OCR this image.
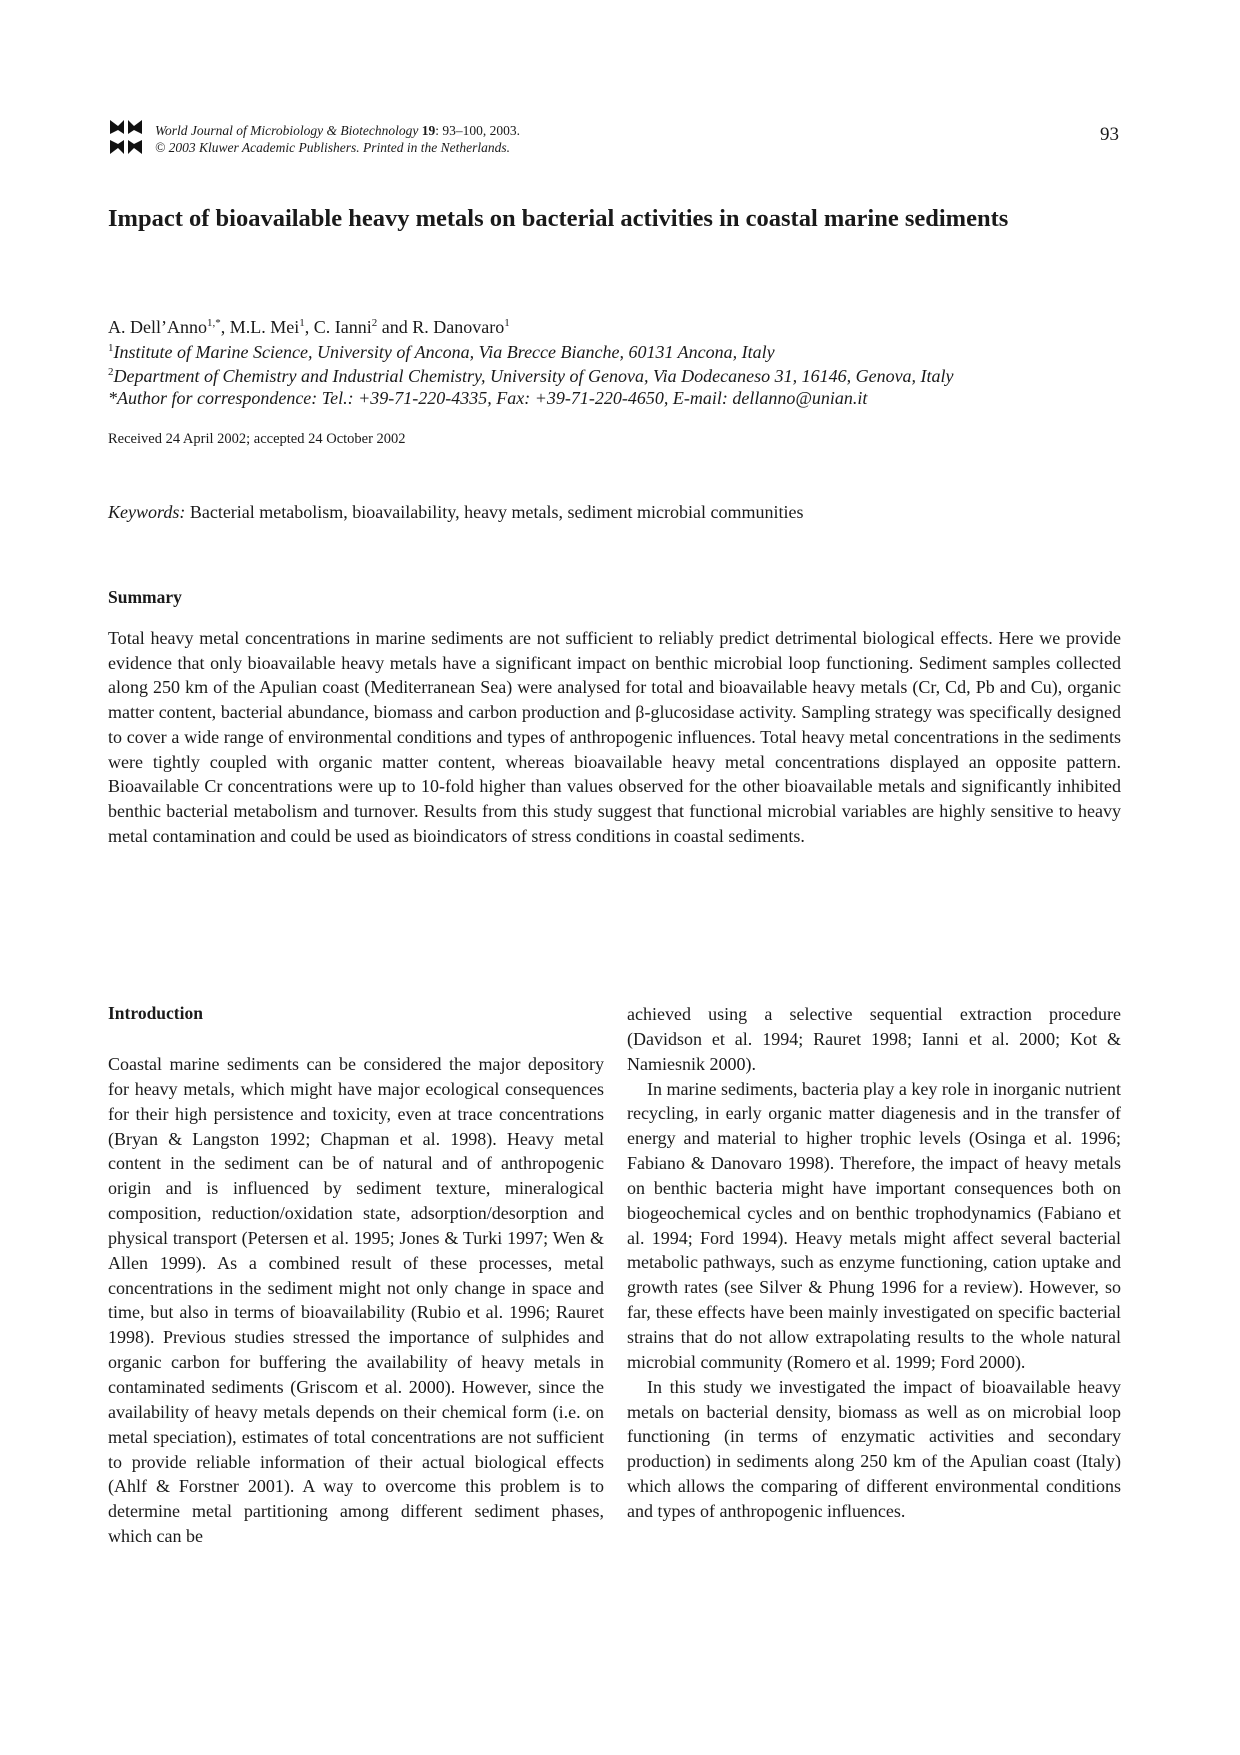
World Journal of Microbiology & Biotechnology 19: 93–100, 2003.
© 2003 Kluwer Academic Publishers. Printed in the Netherlands.
93
Impact of bioavailable heavy metals on bacterial activities in coastal marine sediments
A. Dell’Anno$^{1,*}$, M.L. Mei$^1$, C. Ianni$^2$ and R. Danovaro$^1$
$^1$Institute of Marine Science, University of Ancona, Via Brecce Bianche, 60131 Ancona, Italy
$^2$Department of Chemistry and Industrial Chemistry, University of Genova, Via Dodecaneso 31, 16146, Genova, Italy
*Author for correspondence: Tel.: +39-71-220-4335, Fax: +39-71-220-4650, E-mail: dellanno@unian.it
Received 24 April 2002; accepted 24 October 2002
Keywords: Bacterial metabolism, bioavailability, heavy metals, sediment microbial communities
Summary
Total heavy metal concentrations in marine sediments are not sufficient to reliably predict detrimental biological effects. Here we provide evidence that only bioavailable heavy metals have a significant impact on benthic microbial loop functioning. Sediment samples collected along 250 km of the Apulian coast (Mediterranean Sea) were analysed for total and bioavailable heavy metals (Cr, Cd, Pb and Cu), organic matter content, bacterial abundance, biomass and carbon production and β-glucosidase activity. Sampling strategy was specifically designed to cover a wide range of environmental conditions and types of anthropogenic influences. Total heavy metal concentrations in the sediments were tightly coupled with organic matter content, whereas bioavailable heavy metal concentrations displayed an opposite pattern. Bioavailable Cr concentrations were up to 10-fold higher than values observed for the other bioavailable metals and significantly inhibited benthic bacterial metabolism and turnover. Results from this study suggest that functional microbial variables are highly sensitive to heavy metal contamination and could be used as bioindicators of stress conditions in coastal sediments.
Introduction

Coastal marine sediments can be considered the major depository for heavy metals, which might have major ecological consequences for their high persistence and toxicity, even at trace concentrations (Bryan & Langston 1992; Chapman et al. 1998). Heavy metal content in the sediment can be of natural and of anthropogenic origin and is influenced by sediment texture, mineralogical composition, reduction/oxidation state, adsorption/desorption and physical transport (Petersen et al. 1995; Jones & Turki 1997; Wen & Allen 1999). As a combined result of these processes, metal concentrations in the sediment might not only change in space and time, but also in terms of bioavailability (Rubio et al. 1996; Rauret 1998). Previous studies stressed the importance of sulphides and organic carbon for buffering the availability of heavy metals in contaminated sediments (Griscom et al. 2000). However, since the availability of heavy metals depends on their chemical form (i.e. on metal speciation), estimates of total concentrations are not sufficient to provide reliable information of their actual biological effects (Ahlf & Forstner 2001). A way to overcome this problem is to determine metal partitioning among different sediment phases, which can be

achieved using a selective sequential extraction procedure (Davidson et al. 1994; Rauret 1998; Ianni et al. 2000; Kot & Namiesnik 2000).

In marine sediments, bacteria play a key role in inorganic nutrient recycling, in early organic matter diagenesis and in the transfer of energy and material to higher trophic levels (Osinga et al. 1996; Fabiano & Danovaro 1998). Therefore, the impact of heavy metals on benthic bacteria might have important consequences both on biogeochemical cycles and on benthic trophodynamics (Fabiano et al. 1994; Ford 1994). Heavy metals might affect several bacterial metabolic pathways, such as enzyme functioning, cation uptake and growth rates (see Silver & Phung 1996 for a review). However, so far, these effects have been mainly investigated on specific bacterial strains that do not allow extrapolating results to the whole natural microbial community (Romero et al. 1999; Ford 2000).

In this study we investigated the impact of bioavailable heavy metals on bacterial density, biomass as well as on microbial loop functioning (in terms of enzymatic activities and secondary production) in sediments along 250 km of the Apulian coast (Italy) which allows the comparing of different environmental conditions and types of anthropogenic influences.
